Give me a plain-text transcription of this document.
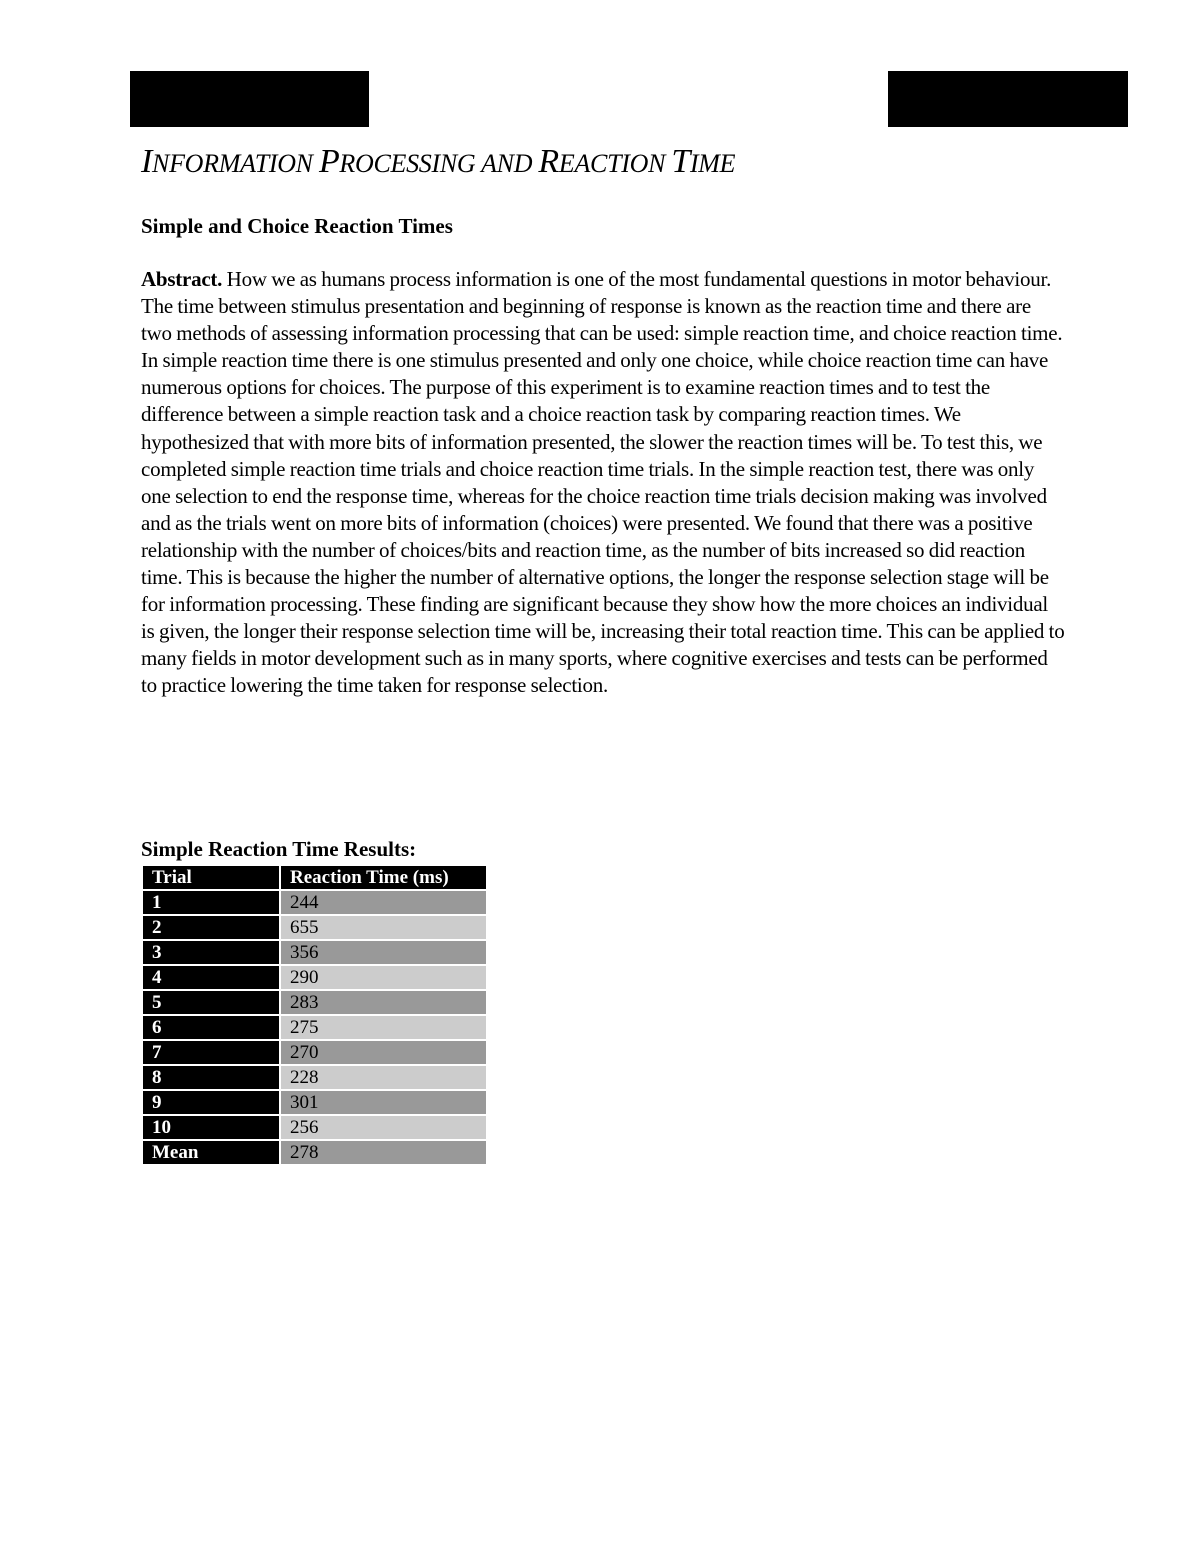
INFORMATION PROCESSING AND REACTION TIME
Simple and Choice Reaction Times

Abstract. How we as humans process information is one of the most fundamental questions in motor behaviour. The time between stimulus presentation and beginning of response is known as the reaction time and there are two methods of assessing information processing that can be used: simple reaction time, and choice reaction time. In simple reaction time there is one stimulus presented and only one choice, while choice reaction time can have numerous options for choices. The purpose of this experiment is to examine reaction times and to test the difference between a simple reaction task and a choice reaction task by comparing reaction times. We hypothesized that with more bits of information presented, the slower the reaction times will be. To test this, we completed simple reaction time trials and choice reaction time trials. In the simple reaction test, there was only one selection to end the response time, whereas for the choice reaction time trials decision making was involved and as the trials went on more bits of information (choices) were presented. We found that there was a positive relationship with the number of choices/bits and reaction time, as the number of bits increased so did reaction time. This is because the higher the number of alternative options, the longer the response selection stage will be for information processing. These finding are significant because they show how the more choices an individual is given, the longer their response selection time will be, increasing their total reaction time. This can be applied to many fields in motor development such as in many sports, where cognitive exercises and tests can be performed to practice lowering the time taken for response selection.

Simple Reaction Time Results:

Trial	Reaction Time (ms)
1	244
2	655
3	356
4	290
5	283
6	275
7	270
8	228
9	301
10	256
Mean	278
